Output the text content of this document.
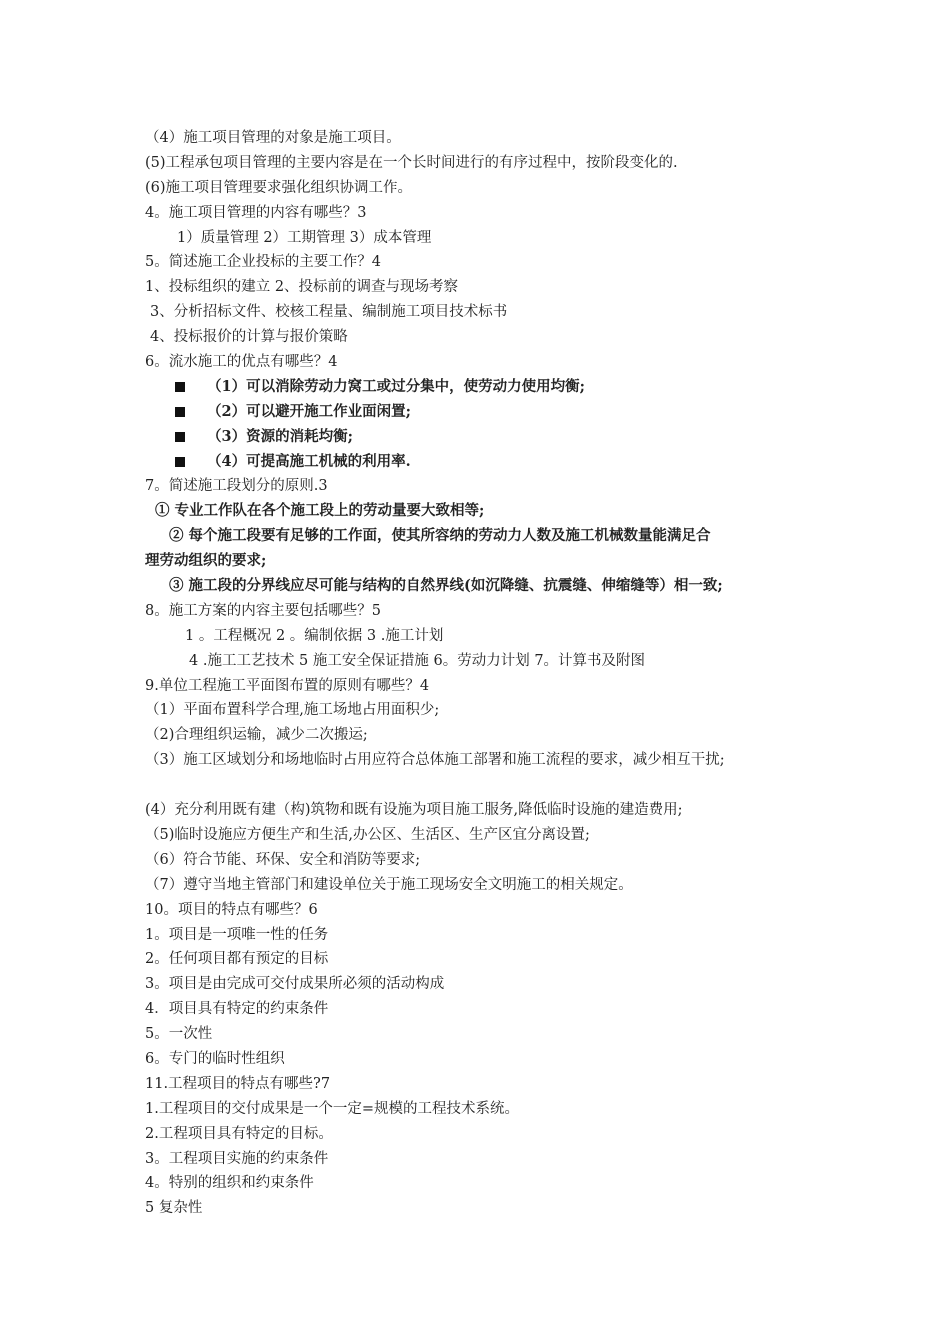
（4）施工项目管理的对象是施工项目。
(5)工程承包项目管理的主要内容是在一个长时间进行的有序过程中，按阶段变化的.
(6)施工项目管理要求强化组织协调工作。
4。施工项目管理的内容有哪些？3
1）质量管理 2）工期管理 3）成本管理
5。简述施工企业投标的主要工作？4
1、投标组织的建立 2、投标前的调查与现场考察
3、分析招标文件、校核工程量、编制施工项目技术标书
4、投标报价的计算与报价策略
6。流水施工的优点有哪些？4
（1）可以消除劳动力窝工或过分集中，使劳动力使用均衡;
（2）可以避开施工作业面闲置;
（3）资源的消耗均衡;
（4）可提高施工机械的利用率.
7。简述施工段划分的原则.3
① 专业工作队在各个施工段上的劳动量要大致相等;
② 每个施工段要有足够的工作面，使其所容纳的劳动力人数及施工机械数量能满足合
理劳动组织的要求;
③ 施工段的分界线应尽可能与结构的自然界线(如沉降缝、抗震缝、伸缩缝等）相一致;
8。施工方案的内容主要包括哪些？5
1 。工程概况 2 。编制依据 3 .施工计划
4 .施工工艺技术 5 施工安全保证措施 6。劳动力计划 7。计算书及附图
9.单位工程施工平面图布置的原则有哪些？4
（1）平面布置科学合理,施工场地占用面积少;
（2)合理组织运输，减少二次搬运;
（3）施工区域划分和场地临时占用应符合总体施工部署和施工流程的要求，减少相互干扰;
(4）充分利用既有建（构)筑物和既有设施为项目施工服务,降低临时设施的建造费用;
（5)临时设施应方便生产和生活,办公区、生活区、生产区宜分离设置;
（6）符合节能、环保、安全和消防等要求;
（7）遵守当地主管部门和建设单位关于施工现场安全文明施工的相关规定。
10。项目的特点有哪些？6
1。项目是一项唯一性的任务
2。任何项目都有预定的目标
3。项目是由完成可交付成果所必须的活动构成
4．项目具有特定的约束条件
5。一次性
6。专门的临时性组织
11.工程项目的特点有哪些?7
1.工程项目的交付成果是一个一定=规模的工程技术系统。
2.工程项目具有特定的目标。
3。工程项目实施的约束条件
4。特别的组织和约束条件
5 复杂性
